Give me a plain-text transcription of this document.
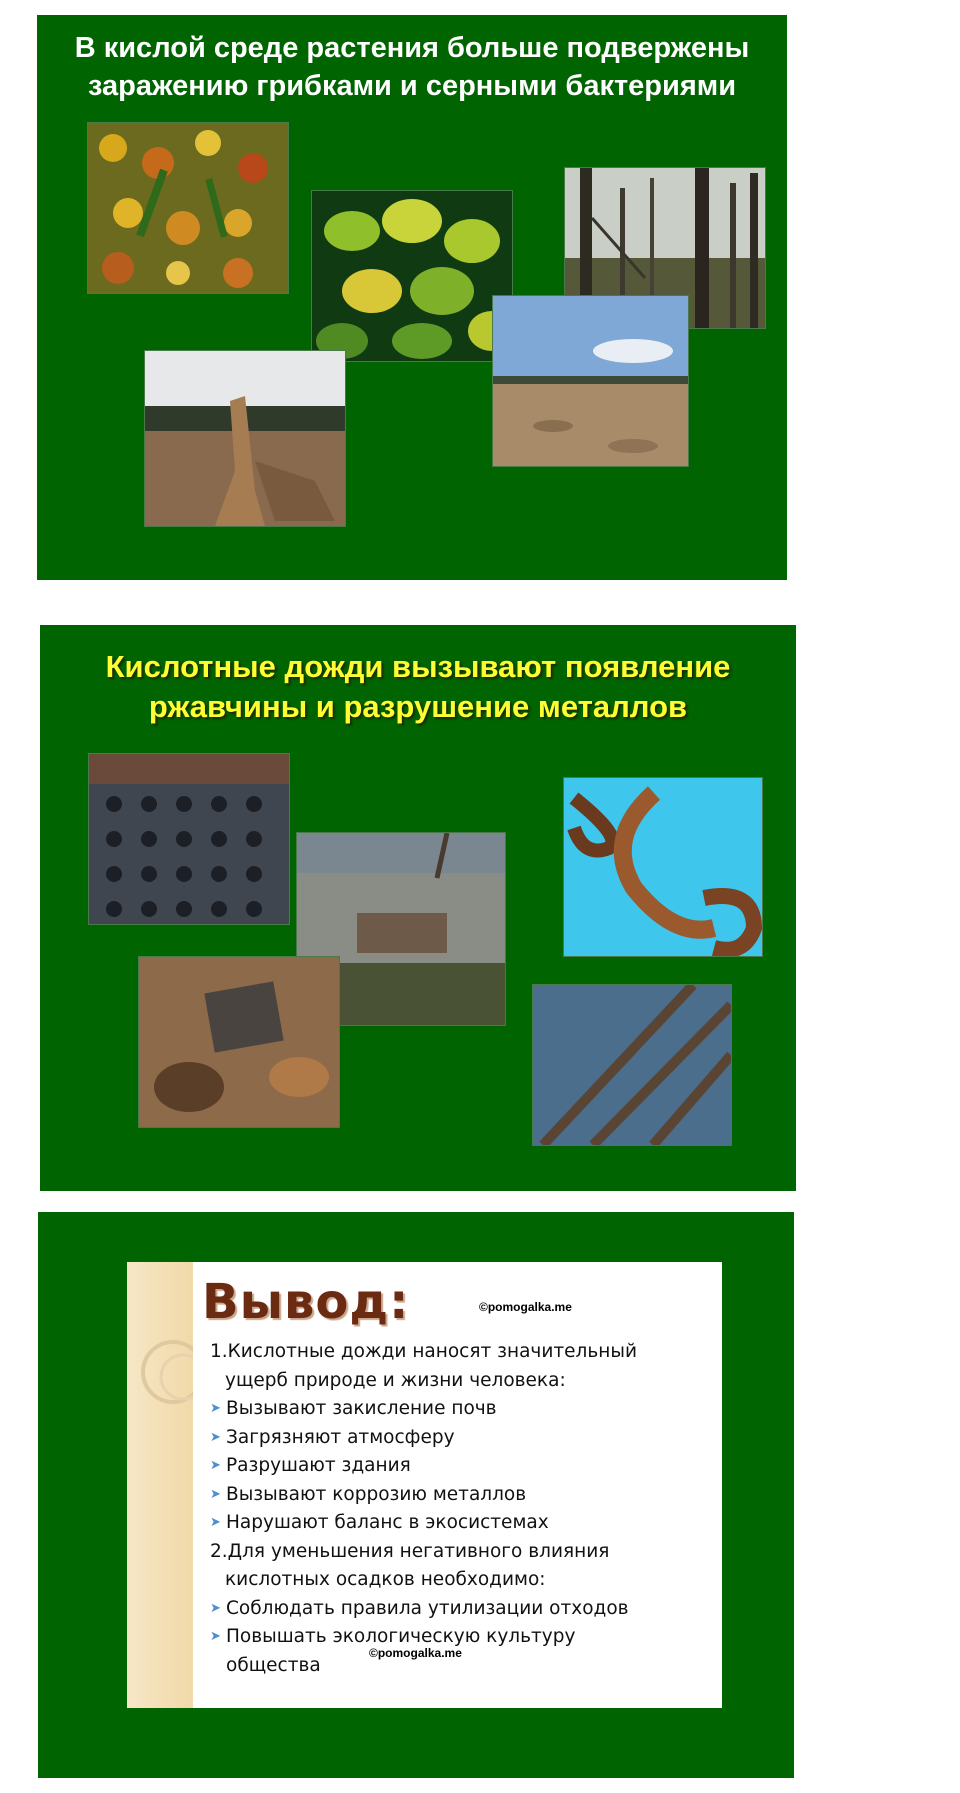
В кислой среде растения больше подвержены заражению грибками и серными бактериями
Кислотные дожди вызывают появление ржавчины и разрушение металлов
Вывод:	©pomogalka.me
1.Кислотные дожди наносят значительный
ущерб природе и жизни человека:
➤ Вызывают закисление почв
➤ Загрязняют атмосферу
➤ Разрушают здания
➤ Вызывают коррозию металлов
➤ Нарушают баланс в экосистемах
2.Для уменьшения негативного влияния
кислотных осадков необходимо:
➤ Соблюдать правила утилизации отходов
➤ Повышать экологическую культуру
общества
©pomogalka.me
